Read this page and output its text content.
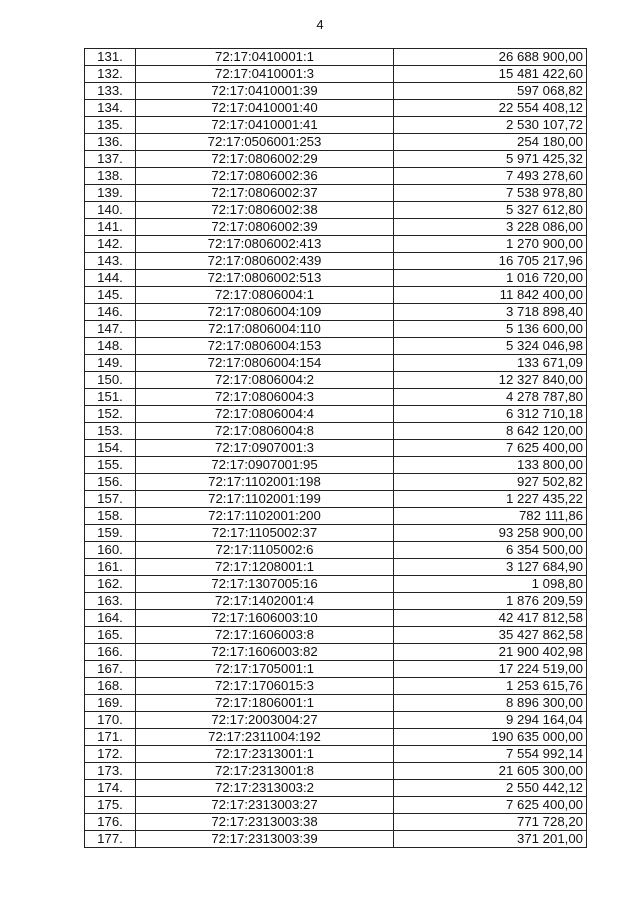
4
131.	72:17:0410001:1	26 688 900,00
132.	72:17:0410001:3	15 481 422,60
133.	72:17:0410001:39	597 068,82
134.	72:17:0410001:40	22 554 408,12
135.	72:17:0410001:41	2 530 107,72
136.	72:17:0506001:253	254 180,00
137.	72:17:0806002:29	5 971 425,32
138.	72:17:0806002:36	7 493 278,60
139.	72:17:0806002:37	7 538 978,80
140.	72:17:0806002:38	5 327 612,80
141.	72:17:0806002:39	3 228 086,00
142.	72:17:0806002:413	1 270 900,00
143.	72:17:0806002:439	16 705 217,96
144.	72:17:0806002:513	1 016 720,00
145.	72:17:0806004:1	11 842 400,00
146.	72:17:0806004:109	3 718 898,40
147.	72:17:0806004:110	5 136 600,00
148.	72:17:0806004:153	5 324 046,98
149.	72:17:0806004:154	133 671,09
150.	72:17:0806004:2	12 327 840,00
151.	72:17:0806004:3	4 278 787,80
152.	72:17:0806004:4	6 312 710,18
153.	72:17:0806004:8	8 642 120,00
154.	72:17:0907001:3	7 625 400,00
155.	72:17:0907001:95	133 800,00
156.	72:17:1102001:198	927 502,82
157.	72:17:1102001:199	1 227 435,22
158.	72:17:1102001:200	782 111,86
159.	72:17:1105002:37	93 258 900,00
160.	72:17:1105002:6	6 354 500,00
161.	72:17:1208001:1	3 127 684,90
162.	72:17:1307005:16	1 098,80
163.	72:17:1402001:4	1 876 209,59
164.	72:17:1606003:10	42 417 812,58
165.	72:17:1606003:8	35 427 862,58
166.	72:17:1606003:82	21 900 402,98
167.	72:17:1705001:1	17 224 519,00
168.	72:17:1706015:3	1 253 615,76
169.	72:17:1806001:1	8 896 300,00
170.	72:17:2003004:27	9 294 164,04
171.	72:17:2311004:192	190 635 000,00
172.	72:17:2313001:1	7 554 992,14
173.	72:17:2313001:8	21 605 300,00
174.	72:17:2313003:2	2 550 442,12
175.	72:17:2313003:27	7 625 400,00
176.	72:17:2313003:38	771 728,20
177.	72:17:2313003:39	371 201,00
